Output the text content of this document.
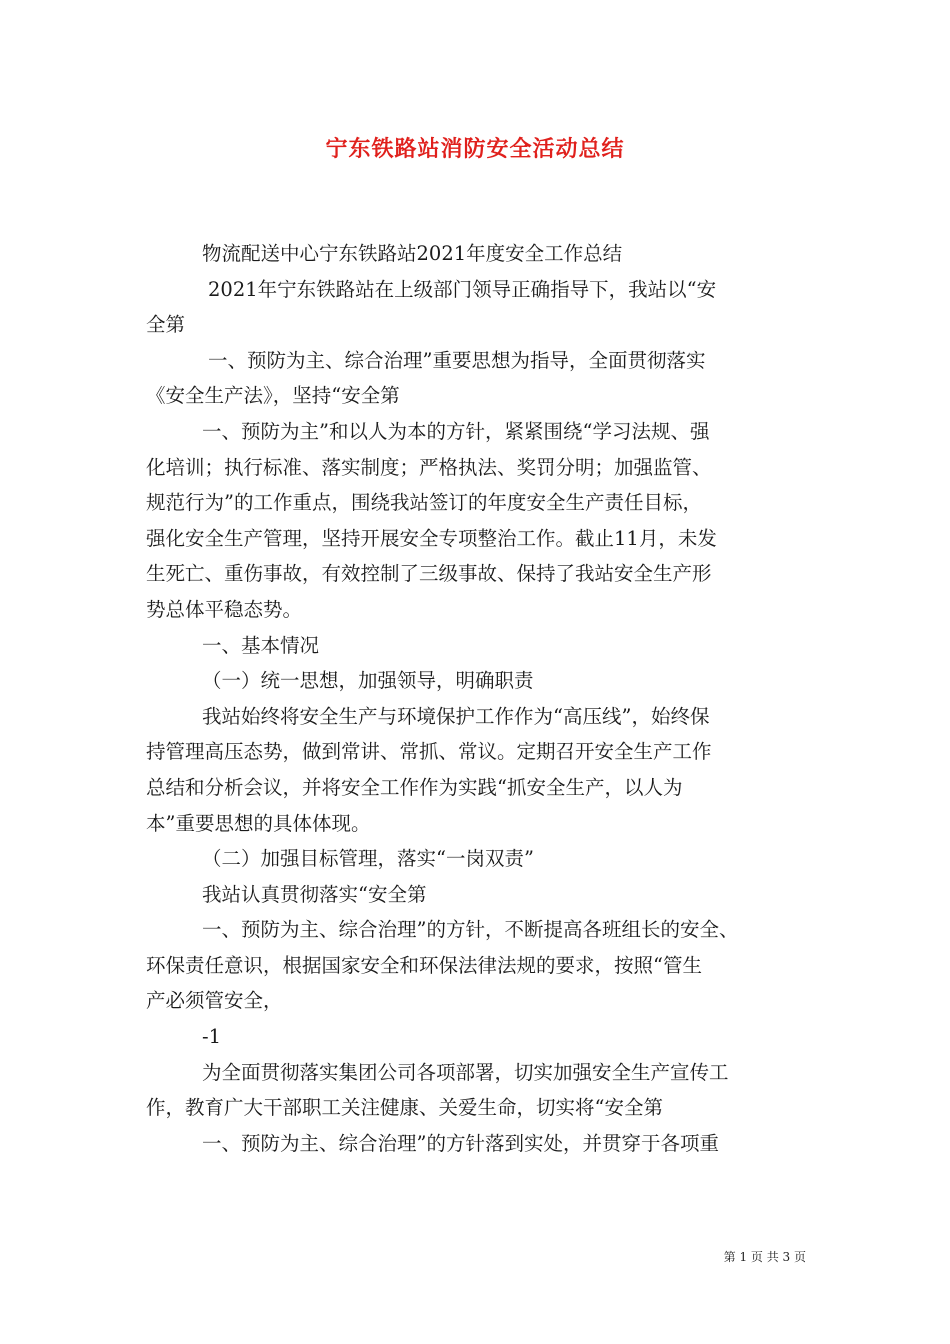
宁东铁路站消防安全活动总结
物流配送中心宁东铁路站2021年度安全工作总结
2021年宁东铁路站在上级部门领导正确指导下，我站以“安
全第
一、预防为主、综合治理”重要思想为指导，全面贯彻落实
《安全生产法》，坚持“安全第
一、预防为主”和以人为本的方针，紧紧围绕“学习法规、强
化培训；执行标准、落实制度；严格执法、奖罚分明；加强监管、
规范行为”的工作重点，围绕我站签订的年度安全生产责任目标，
强化安全生产管理，坚持开展安全专项整治工作。截止11月，未发
生死亡、重伤事故，有效控制了三级事故、保持了我站安全生产形
势总体平稳态势。
一、基本情况
（一）统一思想，加强领导，明确职责
我站始终将安全生产与环境保护工作作为“高压线”，始终保
持管理高压态势，做到常讲、常抓、常议。定期召开安全生产工作
总结和分析会议，并将安全工作作为实践“抓安全生产，以人为
本”重要思想的具体体现。
（二）加强目标管理，落实“一岗双责”
我站认真贯彻落实“安全第
一、预防为主、综合治理”的方针，不断提高各班组长的安全、
环保责任意识，根据国家安全和环保法律法规的要求，按照“管生
产必须管安全，
-1
为全面贯彻落实集团公司各项部署，切实加强安全生产宣传工
作，教育广大干部职工关注健康、关爱生命，切实将“安全第
一、预防为主、综合治理”的方针落到实处，并贯穿于各项重
第 1 页 共 3 页
